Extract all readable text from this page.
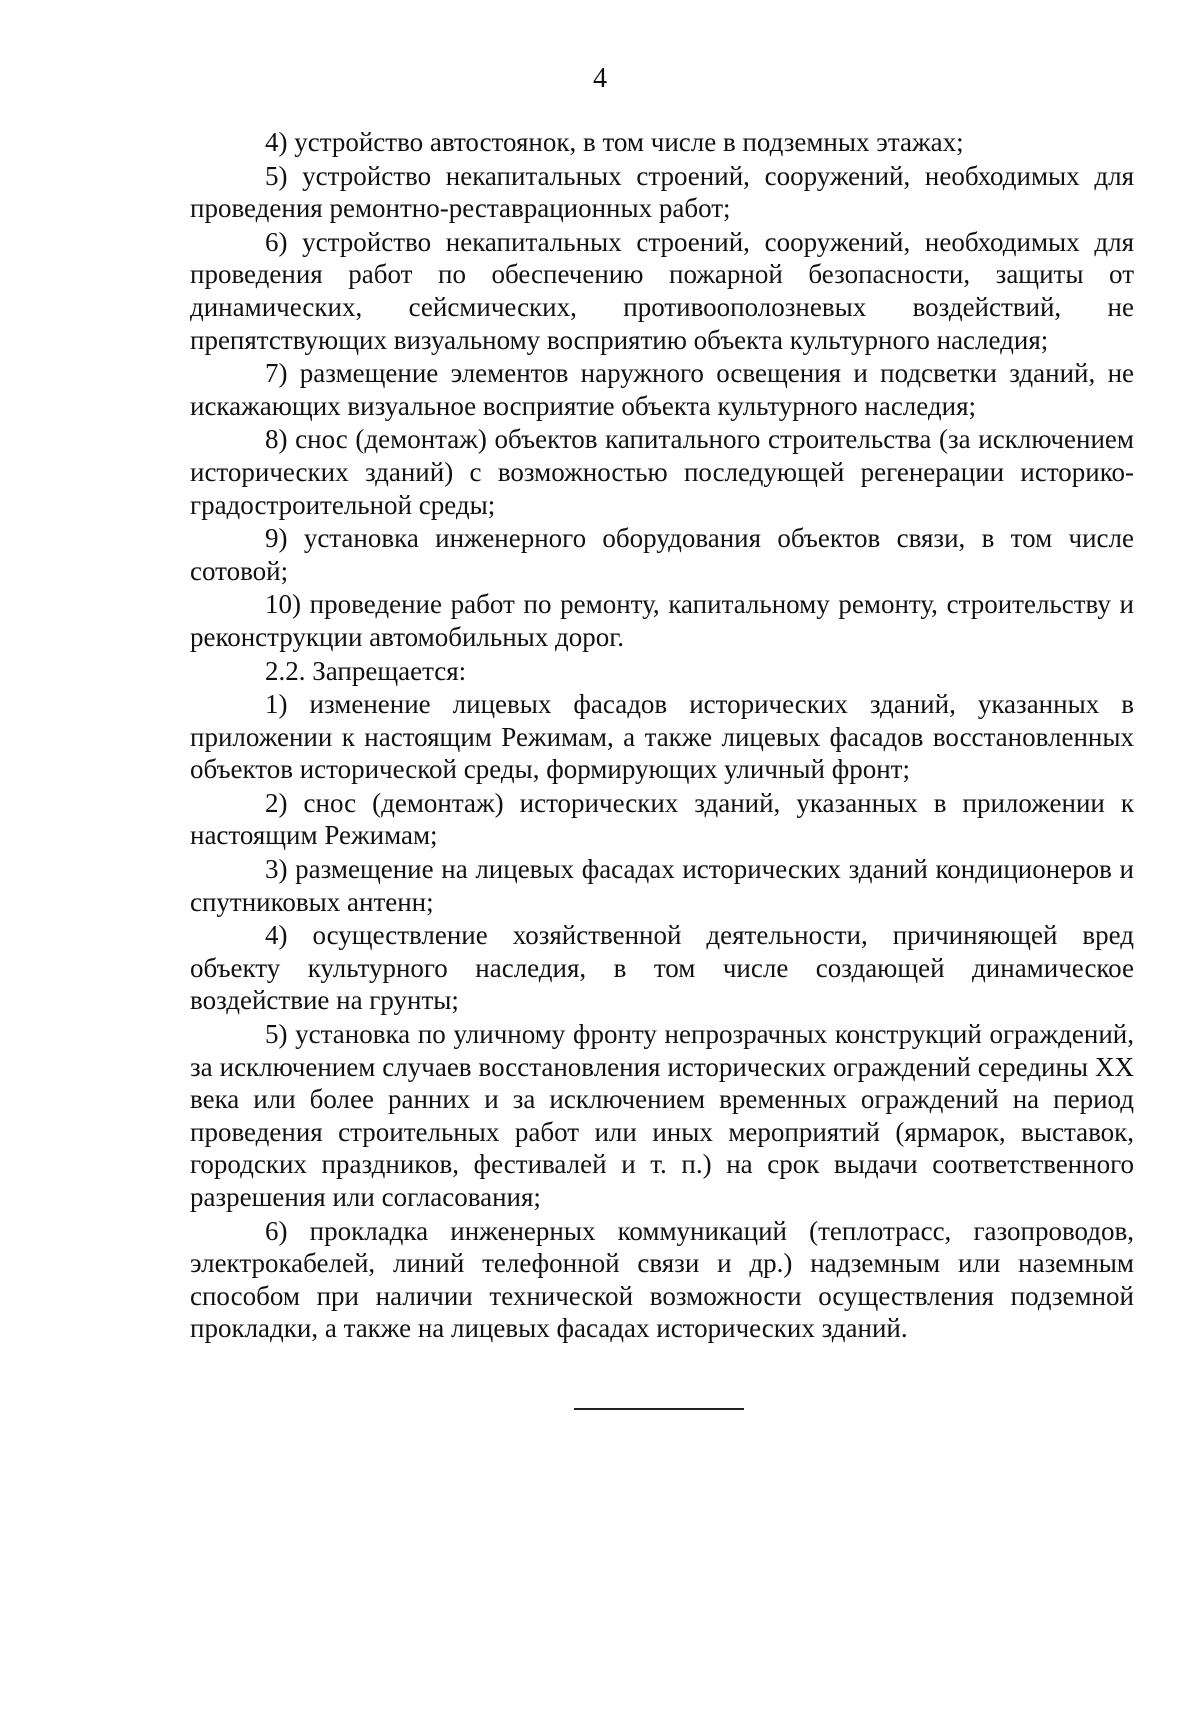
4

4) устройство автостоянок, в том числе в подземных этажах;

5) устройство некапитальных строений, сооружений, необходимых для проведения ремонтно-реставрационных работ;

6) устройство некапитальных строений, сооружений, необходимых для проведения работ по обеспечению пожарной безопасности, защиты от динамических, сейсмических, противоополозневых воздействий, не препятствующих визуальному восприятию объекта культурного наследия;

7) размещение элементов наружного освещения и подсветки зданий, не искажающих визуальное восприятие объекта культурного наследия;

8) снос (демонтаж) объектов капитального строительства (за исключением исторических зданий) с возможностью последующей регенерации историко-градостроительной среды;

9) установка инженерного оборудования объектов связи, в том числе сотовой;

10) проведение работ по ремонту, капитальному ремонту, строительству и реконструкции автомобильных дорог.

2.2. Запрещается:

1) изменение лицевых фасадов исторических зданий, указанных в приложении к настоящим Режимам, а также лицевых фасадов восстановленных объектов исторической среды, формирующих уличный фронт;

2) снос (демонтаж) исторических зданий, указанных в приложении к настоящим Режимам;

3) размещение на лицевых фасадах исторических зданий кондиционеров и спутниковых антенн;

4) осуществление хозяйственной деятельности, причиняющей вред объекту культурного наследия, в том числе создающей динамическое воздействие на грунты;

5) установка по уличному фронту непрозрачных конструкций ограждений, за исключением случаев восстановления исторических ограждений середины XX века или более ранних и за исключением временных ограждений на период проведения строительных работ или иных мероприятий (ярмарок, выставок, городских праздников, фестивалей и т. п.) на срок выдачи соответственного разрешения или согласования;

6) прокладка инженерных коммуникаций (теплотрасс, газопроводов, электрокабелей, линий телефонной связи и др.) надземным или наземным способом при наличии технической возможности осуществления подземной прокладки, а также на лицевых фасадах исторических зданий.
